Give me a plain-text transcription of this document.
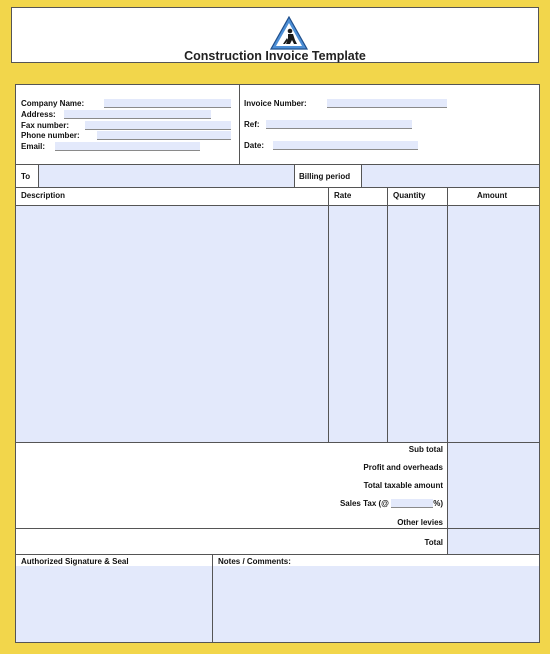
Construction Invoice Template
Company Name:
Address:
Fax number:
Phone number:
Email:
Invoice Number:
Ref:
Date:
To	Billing period
Description	Rate	Quantity	Amount
Sub total
Profit and overheads
Total taxable amount
Sales Tax (@	%)
Other levies
Total
Authorized Signature & Seal	Notes / Comments:
